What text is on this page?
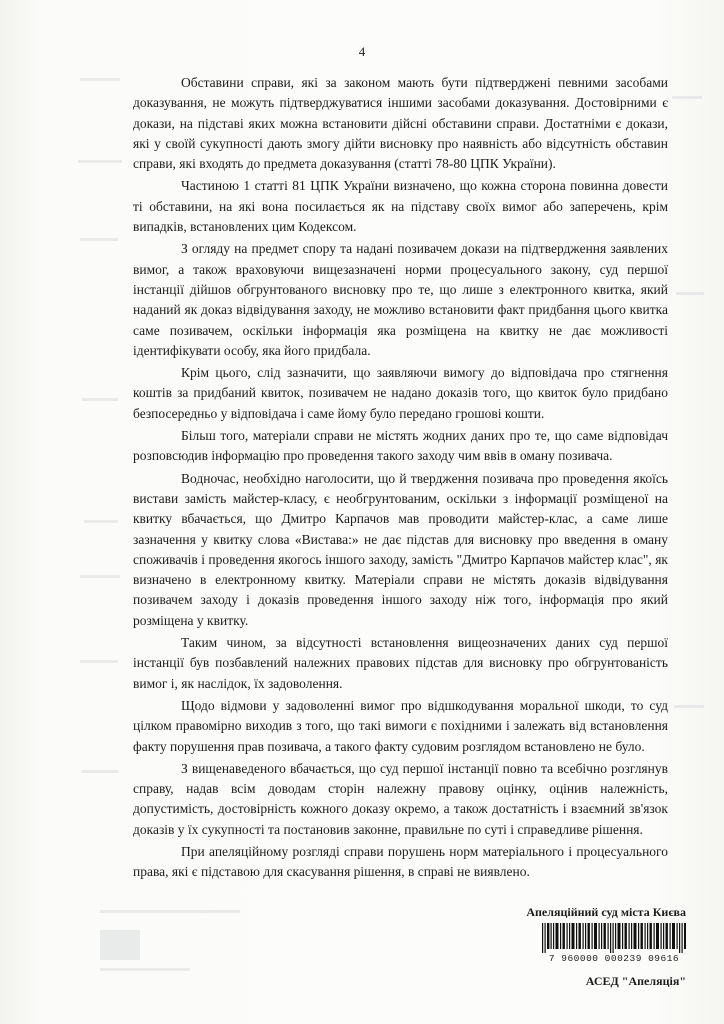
4

Обставини справи, які за законом мають бути підтверджені певними засобами доказування, не можуть підтверджуватися іншими засобами доказування. Достовірними є докази, на підставі яких можна встановити дійсні обставини справи. Достатніми є докази, які у своїй сукупності дають змогу дійти висновку про наявність або відсутність обставин справи, які входять до предмета доказування (статті 78-80 ЦПК України).

Частиною 1 статті 81 ЦПК України визначено, що кожна сторона повинна довести ті обставини, на які вона посилається як на підставу своїх вимог або заперечень, крім випадків, встановлених цим Кодексом.

З огляду на предмет спору та надані позивачем докази на підтвердження заявлених вимог, а також враховуючи вищезазначені норми процесуального закону, суд першої інстанції дійшов обгрунтованого висновку про те, що лише з електронного квитка, який наданий як доказ відвідування заходу, не можливо встановити факт придбання цього квитка саме позивачем, оскільки інформація яка розміщена на квитку не дає можливості ідентифікувати особу, яка його придбала.

Крім цього, слід зазначити, що заявляючи вимогу до відповідача про стягнення коштів за придбаний квиток, позивачем не надано доказів того, що квиток було придбано безпосередньо у відповідача і саме йому було передано грошові кошти.

Більш того, матеріали справи не містять жодних даних про те, що саме відповідач розповсюдив інформацію про проведення такого заходу чим ввів в оману позивача.

Водночас, необхідно наголосити, що й твердження позивача про проведення якоїсь вистави замість майстер-класу, є необгрунтованим, оскільки з інформації розміщеної на квитку вбачається, що Дмитро Карпачов мав проводити майстер-клас, а саме лише зазначення у квитку слова «Вистава:» не дає підстав для висновку про введення в оману споживачів і проведення якогось іншого заходу, замість "Дмитро Карпачов майстер клас", як визначено в електронному квитку. Матеріали справи не містять доказів відвідування позивачем заходу і доказів проведення іншого заходу ніж того, інформація про який розміщена у квитку.

Таким чином, за відсутності встановлення вищеозначених даних суд першої інстанції був позбавлений належних правових підстав для висновку про обгрунтованість вимог і, як наслідок, їх задоволення.

Щодо відмови у задоволенні вимог про відшкодування моральної шкоди, то суд цілком правомірно виходив з того, що такі вимоги є похідними і залежать від встановлення факту порушення прав позивача, а такого факту судовим розглядом встановлено не було.

З вищенаведеного вбачається, що суд першої інстанції повно та всебічно розглянув справу, надав всім доводам сторін належну правову оцінку, оцінив належність, допустимість, достовірність кожного доказу окремо, а також достатність і взаємний зв'язок доказів у їх сукупності та постановив законне, правильне по суті і справедливе рішення.

При апеляційному розгляді справи порушень норм матеріального і процесуального права, які є підставою для скасування рішення, в справі не виявлено.

Апеляційний суд міста Києва
7 960000 000239 09616
АСЕД "Апеляція"
